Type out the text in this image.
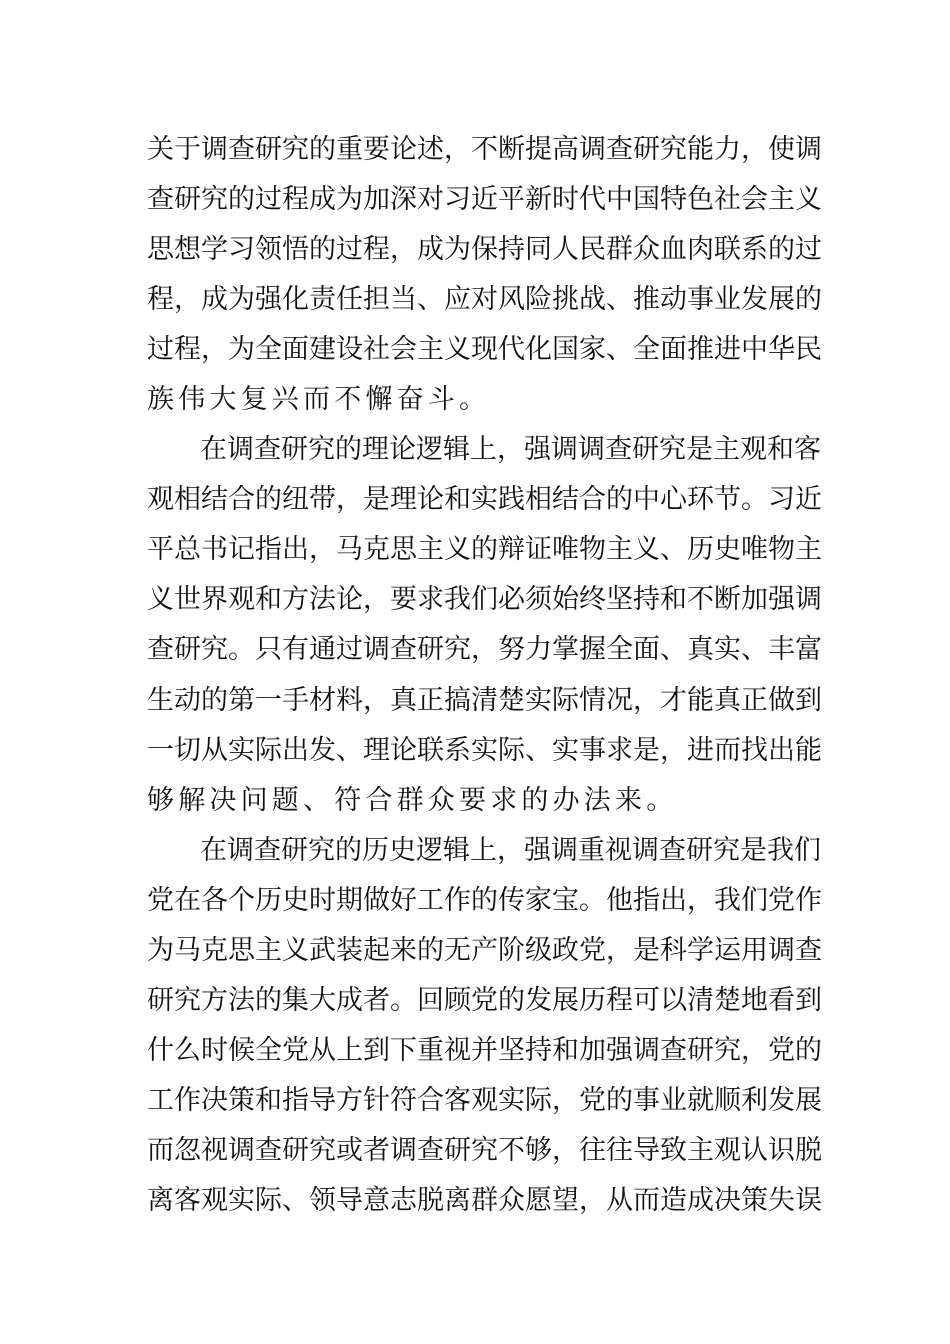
关于调查研究的重要论述，不断提高调查研究能力，使调
查研究的过程成为加深对习近平新时代中国特色社会主义
思想学习领悟的过程，成为保持同人民群众血肉联系的过
程，成为强化责任担当、应对风险挑战、推动事业发展的
过程，为全面建设社会主义现代化国家、全面推进中华民
族伟大复兴而不懈奋斗。
在调查研究的理论逻辑上，强调调查研究是主观和客
观相结合的纽带，是理论和实践相结合的中心环节。习近
平总书记指出，马克思主义的辩证唯物主义、历史唯物主
义世界观和方法论，要求我们必须始终坚持和不断加强调
查研究。只有通过调查研究，努力掌握全面、真实、丰富
生动的第一手材料，真正搞清楚实际情况，才能真正做到
一切从实际出发、理论联系实际、实事求是，进而找出能
够解决问题、符合群众要求的办法来。
在调查研究的历史逻辑上，强调重视调查研究是我们
党在各个历史时期做好工作的传家宝。他指出，我们党作
为马克思主义武装起来的无产阶级政党，是科学运用调查
研究方法的集大成者。回顾党的发展历程可以清楚地看到
什么时候全党从上到下重视并坚持和加强调查研究，党的
工作决策和指导方针符合客观实际，党的事业就顺利发展
而忽视调查研究或者调查研究不够，往往导致主观认识脱
离客观实际、领导意志脱离群众愿望，从而造成决策失误
